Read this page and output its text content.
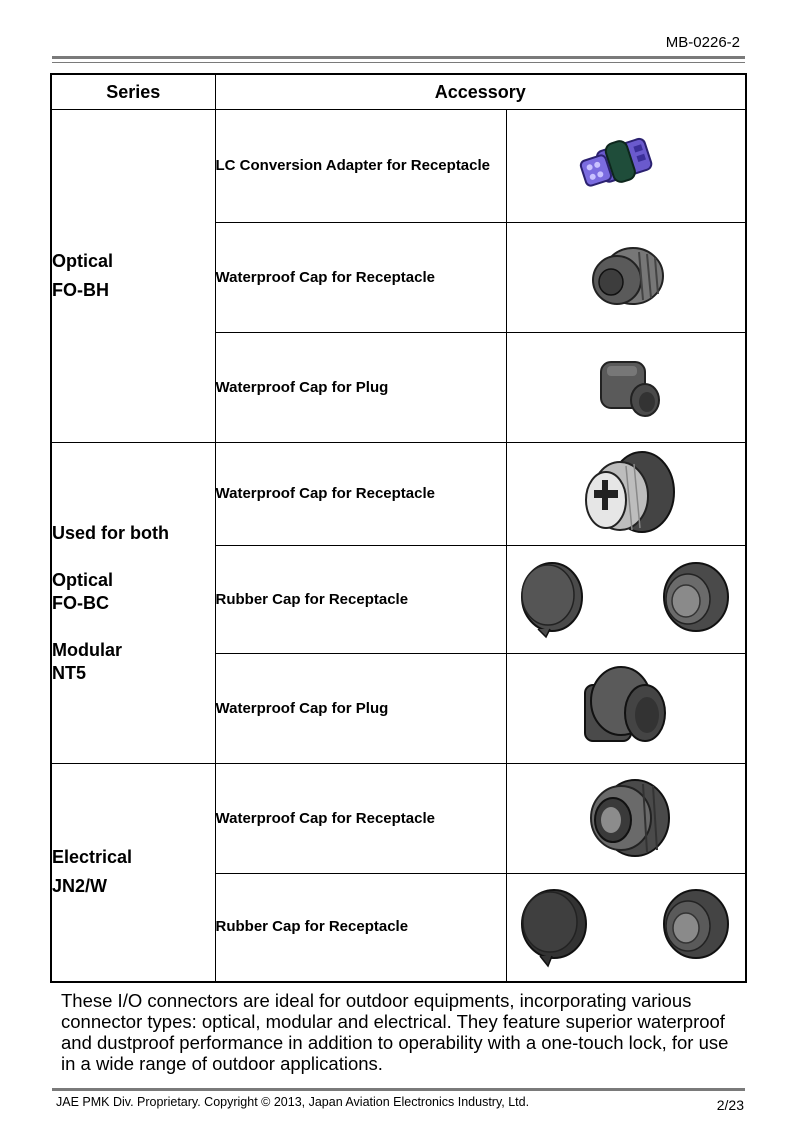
MB-0226-2
Series	Accessory	

Optical
FO-BH	LC Conversion Adapter for Receptacle	
	Waterproof Cap for Receptacle	
	Waterproof Cap for Plug	

Used for both
Optical
FO-BC
Modular
NT5	Waterproof Cap for Receptacle	
	Rubber Cap for Receptacle	
	Waterproof Cap for Plug	

Electrical
JN2/W	Waterproof Cap for Receptacle	
	Rubber Cap for Receptacle	
These I/O connectors are ideal for outdoor equipments, incorporating various connector types: optical, modular and electrical. They feature superior waterproof and dustproof performance in addition to operability with a one-touch lock, for use in a wide range of outdoor applications.
JAE PMK Div. Proprietary. Copyright © 2013, Japan Aviation Electronics Industry, Ltd.	2/23
